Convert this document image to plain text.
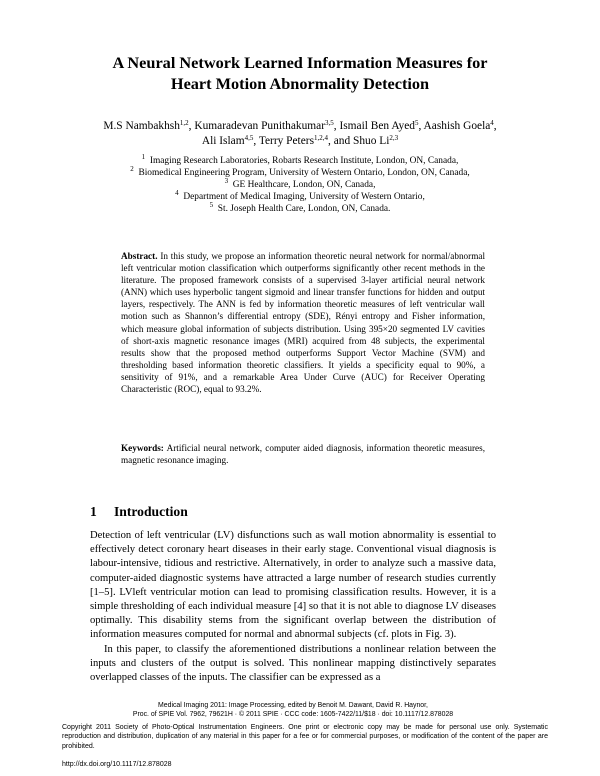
A Neural Network Learned Information Measures for
Heart Motion Abnormality Detection
M.S Nambakhsh$^{1,2}$, Kumaradevan Punithakumar$^{3,5}$, Ismail Ben Ayed$^5$, Aashish Goela$^4$, Ali Islam$^{4,5}$, Terry Peters$^{1,2,4}$, and Shuo Li$^{2,3}$
$^1$ Imaging Research Laboratories, Robarts Research Institute, London, ON, Canada,
$^2$ Biomedical Engineering Program, University of Western Ontario, London, ON, Canada,
$^3$ GE Healthcare, London, ON, Canada,
$^4$ Department of Medical Imaging, University of Western Ontario,
$^5$ St. Joseph Health Care, London, ON, Canada.
Abstract. In this study, we propose an information theoretic neural network for normal/abnormal left ventricular motion classification which outperforms significantly other recent methods in the literature. The proposed framework consists of a supervised 3-layer artificial neural network (ANN) which uses hyperbolic tangent sigmoid and linear transfer functions for hidden and output layers, respectively. The ANN is fed by information theoretic measures of left ventricular wall motion such as Shannon’s differential entropy (SDE), Rényi entropy and Fisher information, which measure global information of subjects distribution. Using 395×20 segmented LV cavities of short-axis magnetic resonance images (MRI) acquired from 48 subjects, the experimental results show that the proposed method outperforms Support Vector Machine (SVM) and thresholding based information theoretic classifiers. It yields a specificity equal to 90%, a sensitivity of 91%, and a remarkable Area Under Curve (AUC) for Receiver Operating Characteristic (ROC), equal to 93.2%.
Keywords: Artificial neural network, computer aided diagnosis, information theoretic measures, magnetic resonance imaging.
1 Introduction

Detection of left ventricular (LV) disfunctions such as wall motion abnormality is essential to effectively detect coronary heart diseases in their early stage. Conventional visual diagnosis is labour-intensive, tidious and restrictive. Alternatively, in order to analyze such a massive data, computer-aided diagnostic systems have attracted a large number of research studies currently [1–5]. LVleft ventricular motion can lead to promising classification results. However, it is a simple thresholding of each individual measure [4] so that it is not able to diagnose LV diseases optimally. This disability stems from the significant overlap between the distribution of information measures computed for normal and abnormal subjects (cf. plots in Fig. 3).

In this paper, to classify the aforementioned distributions a nonlinear relation between the inputs and clusters of the output is solved. This nonlinear mapping distinctively separates overlapped classes of the inputs. The classifier can be expressed as a

Medical Imaging 2011: Image Processing, edited by Benoit M. Dawant, David R. Haynor,
Proc. of SPIE Vol. 7962, 79621H · © 2011 SPIE · CCC code: 1605-7422/11/$18 · doi: 10.1117/12.878028
Copyright 2011 Society of Photo-Optical Instrumentation Engineers. One print or electronic copy may be made for personal use only. Systematic reproduction and distribution, duplication of any material in this paper for a fee or for commercial purposes, or modification of the content of the paper are prohibited.
http://dx.doi.org/10.1117/12.878028
